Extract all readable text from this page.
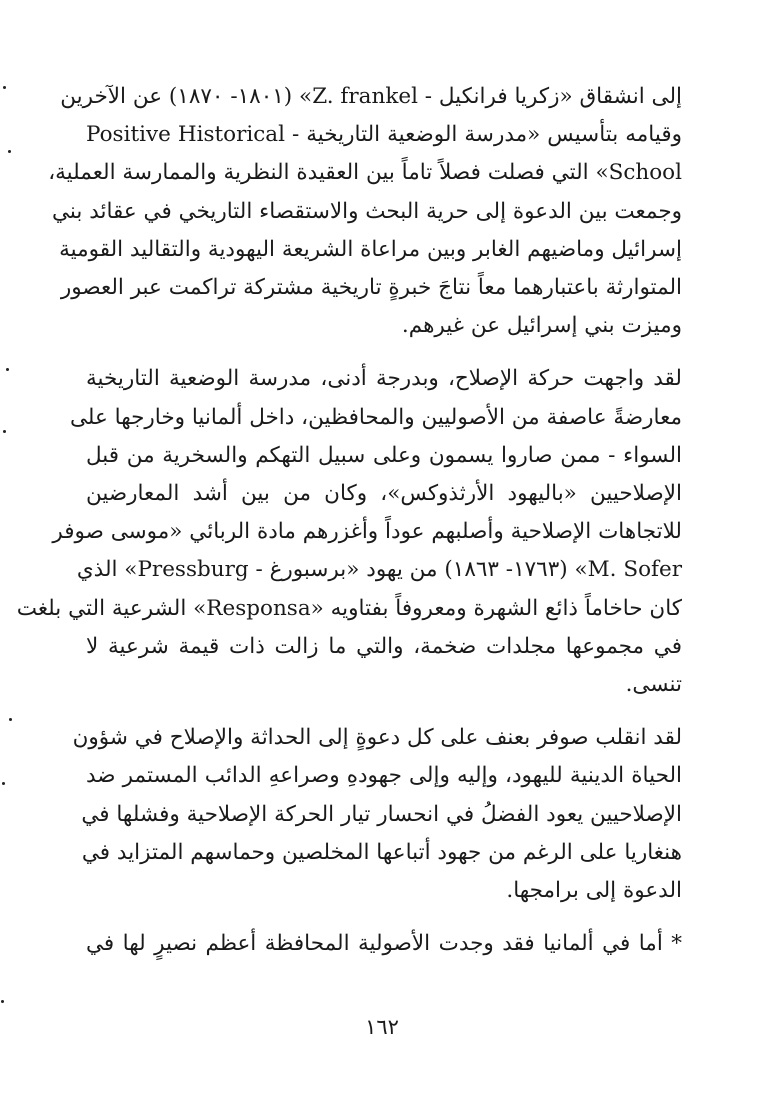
إلى انشقاق «زكريا فرانكيل - Z. frankel» (١٨٠١- ١٨٧٠) عن الآخرين
وقيامه بتأسيس «مدرسة الوضعية التاريخية - Positive Historical
School» التي فصلت فصلاً تاماً بين العقيدة النظرية والممارسة العملية،
وجمعت بين الدعوة إلى حرية البحث والاستقصاء التاريخي في عقائد بني
إسرائيل وماضيهم الغابر وبين مراعاة الشريعة اليهودية والتقاليد القومية
المتوارثة باعتبارهما معاً نتاجَ خبرةٍ تاريخية مشتركة تراكمت عبر العصور
وميزت بني إسرائيل عن غيرهم.

لقد واجهت حركة الإصلاح، وبدرجة أدنى، مدرسة الوضعية التاريخية
معارضةً عاصفة من الأصوليين والمحافظين، داخل ألمانيا وخارجها على
السواء - ممن صاروا يسمون وعلى سبيل التهكم والسخرية من قبل
الإصلاحيين «باليهود الأرثذوكس»، وكان من بين أشد المعارضين
للاتجاهات الإصلاحية وأصلبهم عوداً وأغزرهم مادة الربائي «موسى صوفر
M. Sofer» (١٧٦٣- ١٨٦٣) من يهود «برسبورغ - Pressburg» الذي
كان حاخاماً ذائع الشهرة ومعروفاً بفتاويه «Responsa» الشرعية التي بلغت
في مجموعها مجلدات ضخمة، والتي ما زالت ذات قيمة شرعية لا
تنسى.

لقد انقلب صوفر بعنف على كل دعوةٍ إلى الحداثة والإصلاح في شؤون
الحياة الدينية لليهود، وإليه وإلى جهودهِ وصراعهِ الدائب المستمر ضد
الإصلاحيين يعود الفضلُ في انحسار تيار الحركة الإصلاحية وفشلها في
هنغاريا على الرغم من جهود أتباعها المخلصين وحماسهم المتزايد في
الدعوة إلى برامجها.

* أما في ألمانيا فقد وجدت الأصولية المحافظة أعظم نصيرٍ لها في

١٦٢
